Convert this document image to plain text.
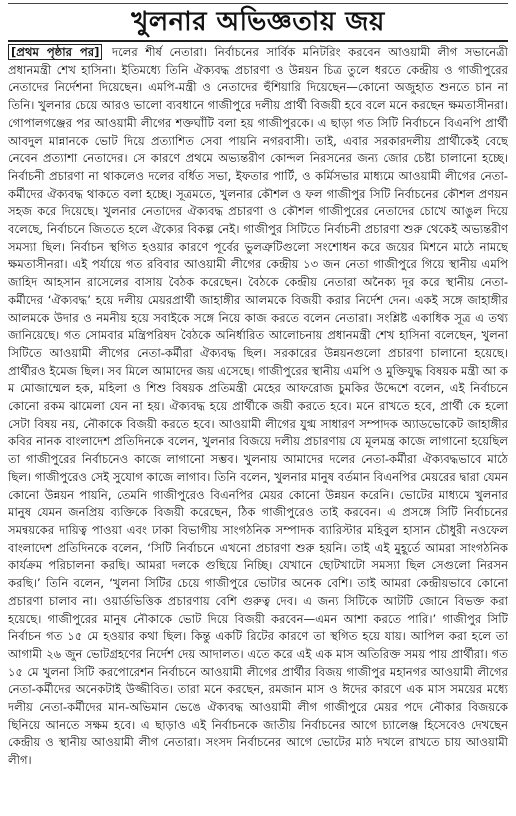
খুলনার অভিজ্ঞতায় জয়

[প্রথম পৃষ্ঠার পর] দলের শীর্ষ নেতারা। নির্বাচনের সার্বিক মনিটরিং করবেন আওয়ামী লীগ সভানেত্রী প্রধানমন্ত্রী শেখ হাসিনা। ইতিমধ্যে তিনি ঐক্যবদ্ধ প্রচারণা ও উন্নয়ন চিত্র তুলে ধরতে কেন্দ্রীয় ও গাজীপুরের নেতাদের নির্দেশনা দিয়েছেন। এমপি-মন্ত্রী ও নেতাদের হুঁশিয়ারি দিয়েছেন—কোনো অজুহাত শুনতে চান না তিনি। খুলনার চেয়ে আরও ভালো ব্যবধানে গাজীপুরে দলীয় প্রার্থী বিজয়ী হবে বলে মনে করছেন ক্ষমতাসীনরা। গোপালগঞ্জের পর আওয়ামী লীগের শক্তঘাঁটি বলা হয় গাজীপুরকে। এ ছাড়া গত সিটি নির্বাচনে বিএনপি প্রার্থী আবদুল মান্নানকে ভোট দিয়ে প্রত্যাশিত সেবা পায়নি নগরবাসী। তাই, এবার সরকারদলীয় প্রার্থীকেই বেছে নেবেন প্রত্যাশা নেতাদের। সে কারণে প্রথমে অভ্যন্তরীণ কোন্দল নিরসনের জন্য জোর চেষ্টা চালানো হচ্ছে। নির্বাচনী প্রচারণা না থাকলেও দলের বর্ধিত সভা, ইফতার পার্টি, ও কর্মিসভার মাধ্যমে আওয়ামী লীগের নেতা-কর্মীদের ঐক্যবদ্ধ থাকতে বলা হচ্ছে। সূত্রমতে, খুলনার কৌশল ও ফল গাজীপুর সিটি নির্বাচনের কৌশল প্রণয়ন সহজ করে দিয়েছে। খুলনার নেতাদের ঐক্যবদ্ধ প্রচারণা ও কৌশল গাজীপুরের নেতাদের চোখে আঙুল দিয়ে বলেছে, নির্বাচনে জিততে হলে ঐক্যের বিকল্প নেই। গাজীপুর সিটিতে নির্বাচনী প্রচারণা শুরু থেকেই অভ্যন্তরীণ সমস্যা ছিল। নির্বাচন স্থগিত হওয়ার কারণে পূর্বের ভুলত্রুটিগুলো সংশোধন করে জয়ের মিশনে মাঠে নামছে ক্ষমতাসীনরা। এই পর্যায়ে গত রবিবার আওয়ামী লীগের কেন্দ্রীয় ১৩ জন নেতা গাজীপুরে গিয়ে স্থানীয় এমপি জাহিদ আহসান রাসেলের বাসায় বৈঠক করেছেন। বৈঠকে কেন্দ্রীয় নেতারা অনৈক্য দূর করে স্থানীয় নেতা-কর্মীদের ‘ঐক্যবদ্ধ’ হয়ে দলীয় মেয়রপ্রার্থী জাহাঙ্গীর আলমকে বিজয়ী করার নির্দেশ দেন। একই সঙ্গে জাহাঙ্গীর আলমকে উদার ও নমনীয় হয়ে সবাইকে সঙ্গে নিয়ে কাজ করতে বলেন নেতারা। সংশ্লিষ্ট একাধিক সূত্র এ তথ্য জানিয়েছে। গত সোমবার মন্ত্রিপরিষদ বৈঠকে অনির্ধারিত আলোচনায় প্রধানমন্ত্রী শেখ হাসিনা বলেছেন, খুলনা সিটিতে আওয়ামী লীগের নেতা-কর্মীরা ঐক্যবদ্ধ ছিল। সরকারের উন্নয়নগুলো প্রচারণা চালানো হয়েছে। প্রার্থীরও ইমেজ ছিল। সব মিলে আমাদের জয় এসেছে। গাজীপুরের স্থানীয় এমপি ও মুক্তিযুদ্ধ বিষয়ক মন্ত্রী আ ক ম মোজাম্মেল হক, মহিলা ও শিশু বিষয়ক প্রতিমন্ত্রী মেহের আফরোজ চুমকির উদ্দেশে বলেন, এই নির্বাচনে কোনো রকম ঝামেলা যেন না হয়। ঐক্যবদ্ধ হয়ে প্রার্থীকে জয়ী করতে হবে। মনে রাখতে হবে, প্রার্থী কে হলো সেটা বিষয় নয়, নৌকাকে বিজয়ী করতে হবে। আওয়ামী লীগের যুগ্ম সাধারণ সম্পাদক অ্যাডভোকেট জাহাঙ্গীর কবির নানক বাংলাদেশ প্রতিদিনকে বলেন, খুলনার বিজয়ে দলীয় প্রচারণায় যে মূলমন্ত্র কাজে লাগানো হয়েছিল তা গাজীপুরের নির্বাচনেও কাজে লাগানো সম্ভব। খুলনায় আমাদের দলের নেতা-কর্মীরা ঐক্যবদ্ধভাবে মাঠে ছিল। গাজীপুরেও সেই সুযোগ কাজে লাগাব। তিনি বলেন, খুলনার মানুষ বর্তমান বিএনপির মেয়রের দ্বারা যেমন কোনো উন্নয়ন পায়নি, তেমনি গাজীপুরেও বিএনপির মেয়র কোনো উন্নয়ন করেনি। ভোটের মাধ্যমে খুলনার মানুষ যেমন জনপ্রিয় ব্যক্তিকে বিজয়ী করেছেন, ঠিক গাজীপুরেও তাই করবেন। এ প্রসঙ্গে সিটি নির্বাচনের সমন্বয়কের দায়িত্ব পাওয়া এবং ঢাকা বিভাগীয় সাংগঠনিক সম্পাদক ব্যারিস্টার মহিবুল হাসান চৌধুরী নওফেল বাংলাদেশ প্রতিদিনকে বলেন, ‘সিটি নির্বাচনে এখনো প্রচারণা শুরু হয়নি। তাই এই মুহূর্তে আমরা সাংগঠনিক কার্যক্রম পরিচালনা করছি। আমরা দলকে গুছিয়ে নিচ্ছি। যেখানে ছোটখাটো সমস্যা ছিল সেগুলো নিরসন করছি।’ তিনি বলেন, ‘খুলনা সিটির চেয়ে গাজীপুরে ভোটার অনেক বেশি। তাই আমরা কেন্দ্রীয়ভাবে কোনো প্রচারণা চালাব না। ওয়ার্ডভিত্তিক প্রচারণায় বেশি গুরুত্ব দেব। এ জন্য সিটিকে আটটি জোনে বিভক্ত করা হয়েছে। গাজীপুরের মানুষ নৌকাকে ভোট দিয়ে বিজয়ী করবেন—এমন আশা করতে পারি।’ গাজীপুর সিটি নির্বাচন গত ১৫ মে হওয়ার কথা ছিল। কিন্তু একটি রিটের কারণে তা স্থগিত হয়ে যায়। আপিল করা হলে তা আগামী ২৬ জুন ভোটগ্রহণের নির্দেশ দেয় আদালত। এতে করে এই এক মাস অতিরিক্ত সময় পায় প্রার্থীরা। গত ১৫ মে খুলনা সিটি করপোরেশন নির্বাচনে আওয়ামী লীগের প্রার্থীর বিজয় গাজীপুর মহানগর আওয়ামী লীগের নেতা-কর্মীদের অনেকটাই উজ্জীবিত। তারা মনে করছেন, রমজান মাস ও ঈদের কারণে এক মাস সময়ের মধ্যে দলীয় নেতা-কর্মীদের মান-অভিমান ভেঙে ঐক্যবদ্ধ আওয়ামী লীগ গাজীপুরে মেয়র পদে নৌকার বিজয়কে ছিনিয়ে আনতে সক্ষম হবে। এ ছাড়াও এই নির্বাচনকে জাতীয় নির্বাচনের আগে চ্যালেঞ্জ হিসেবেও দেখছেন কেন্দ্রীয় ও স্থানীয় আওয়ামী লীগ নেতারা। সংসদ নির্বাচনের আগে ভোটের মাঠ দখলে রাখতে চায় আওয়ামী লীগ।
